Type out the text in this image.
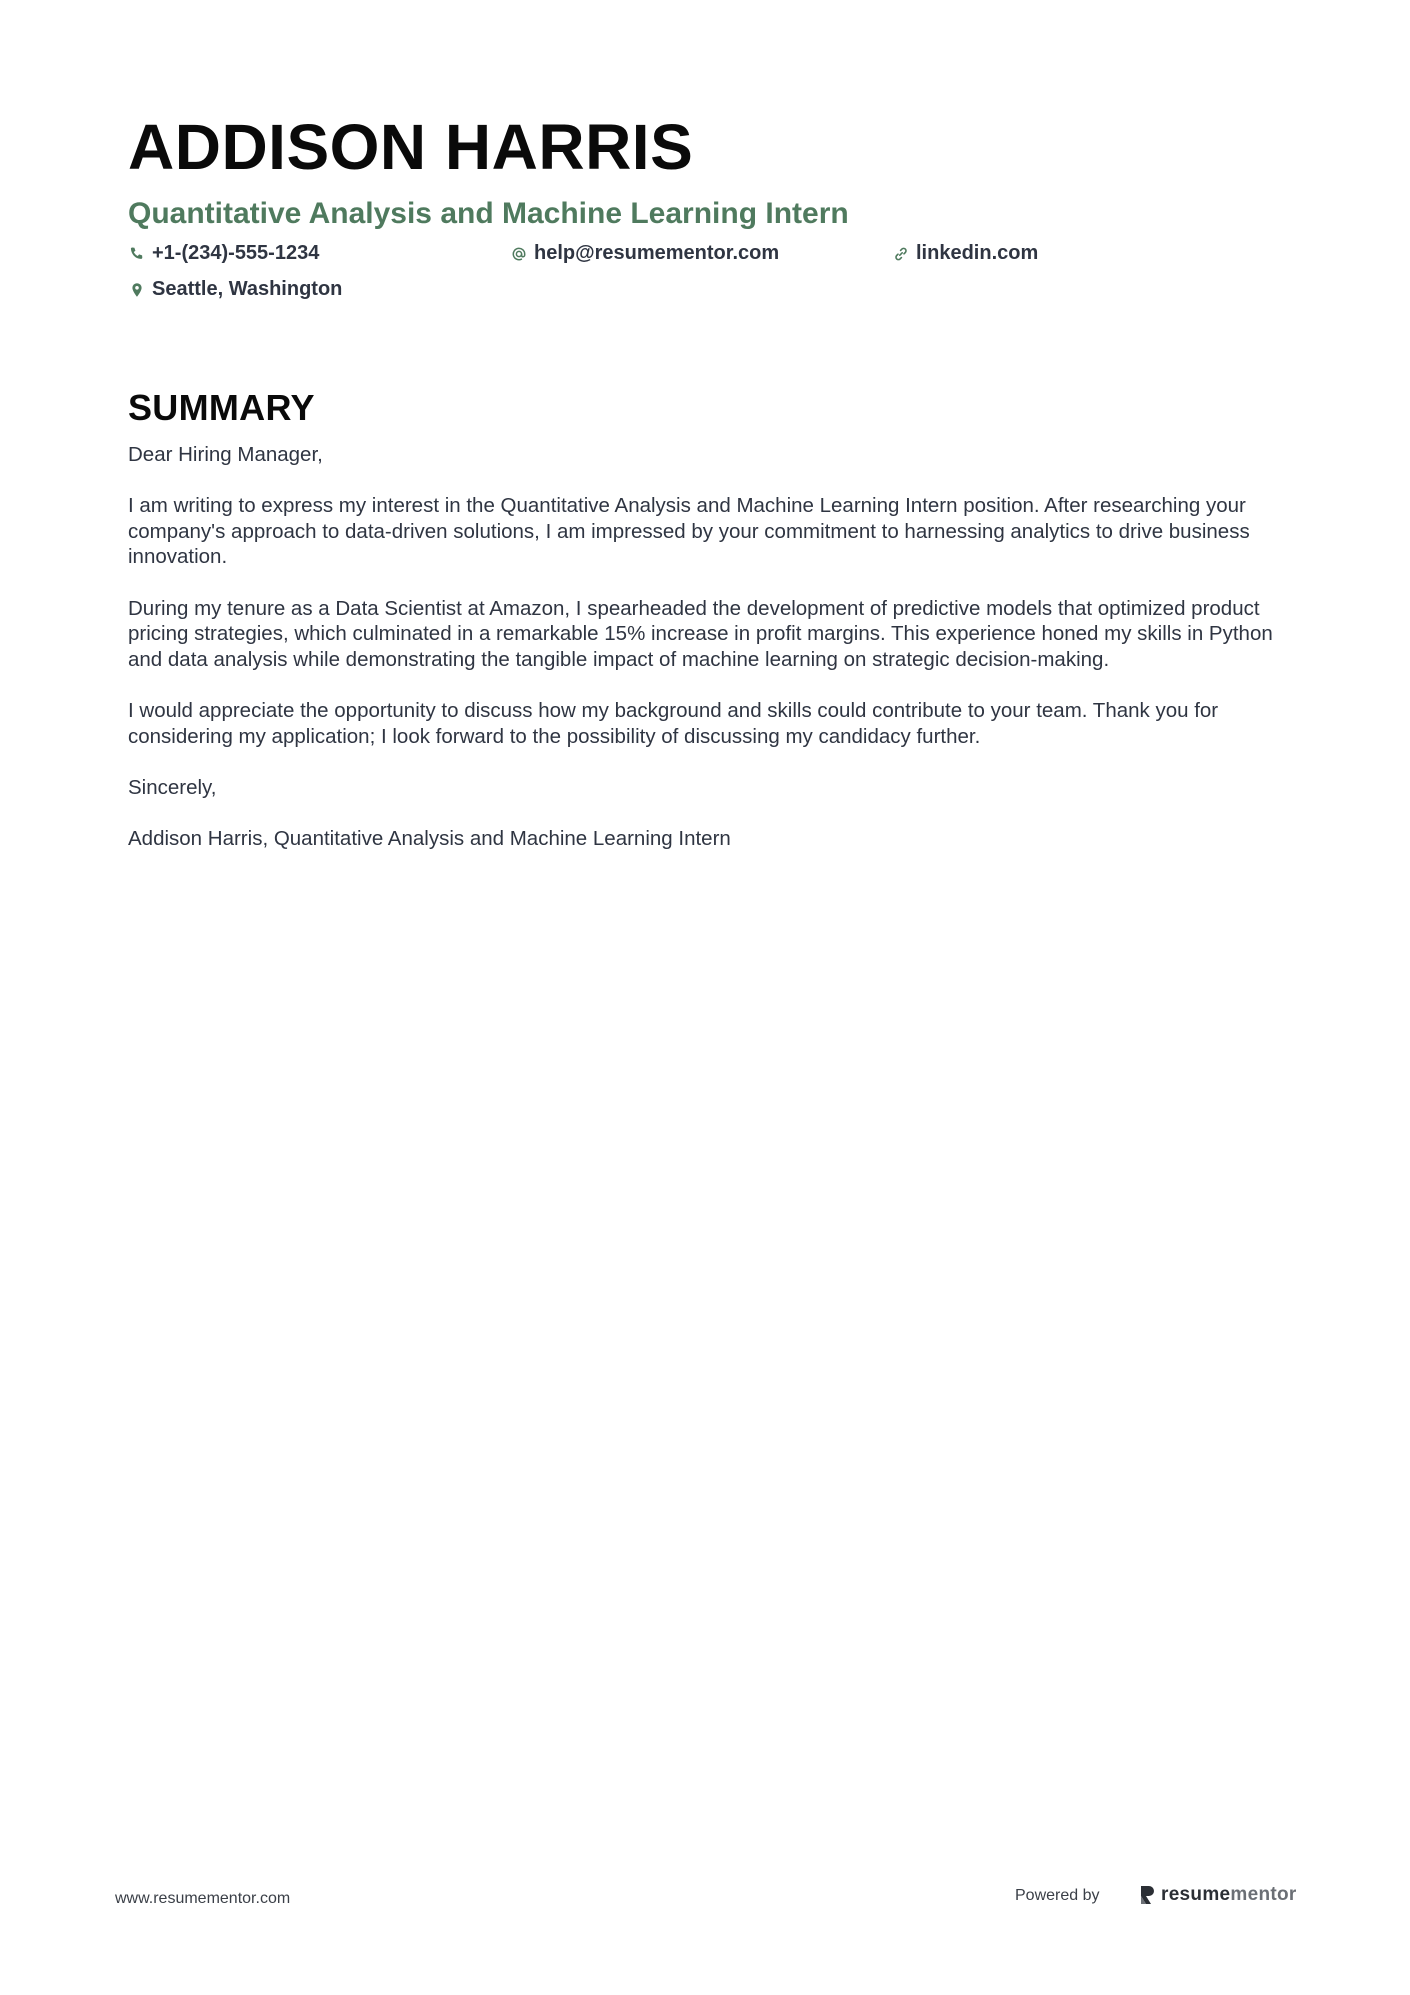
ADDISON HARRIS
Quantitative Analysis and Machine Learning Intern
+1-(234)-555-1234	help@resumementor.com	linkedin.com
Seattle, Washington
SUMMARY

Dear Hiring Manager,

I am writing to express my interest in the Quantitative Analysis and Machine Learning Intern position. After researching your company's approach to data-driven solutions, I am impressed by your commitment to harnessing analytics to drive business innovation.

During my tenure as a Data Scientist at Amazon, I spearheaded the development of predictive models that optimized product pricing strategies, which culminated in a remarkable 15% increase in profit margins. This experience honed my skills in Python and data analysis while demonstrating the tangible impact of machine learning on strategic decision-making.

I would appreciate the opportunity to discuss how my background and skills could contribute to your team. Thank you for considering my application; I look forward to the possibility of discussing my candidacy further.

Sincerely,

Addison Harris, Quantitative Analysis and Machine Learning Intern

www.resumementor.com	Powered by	resume mentor
